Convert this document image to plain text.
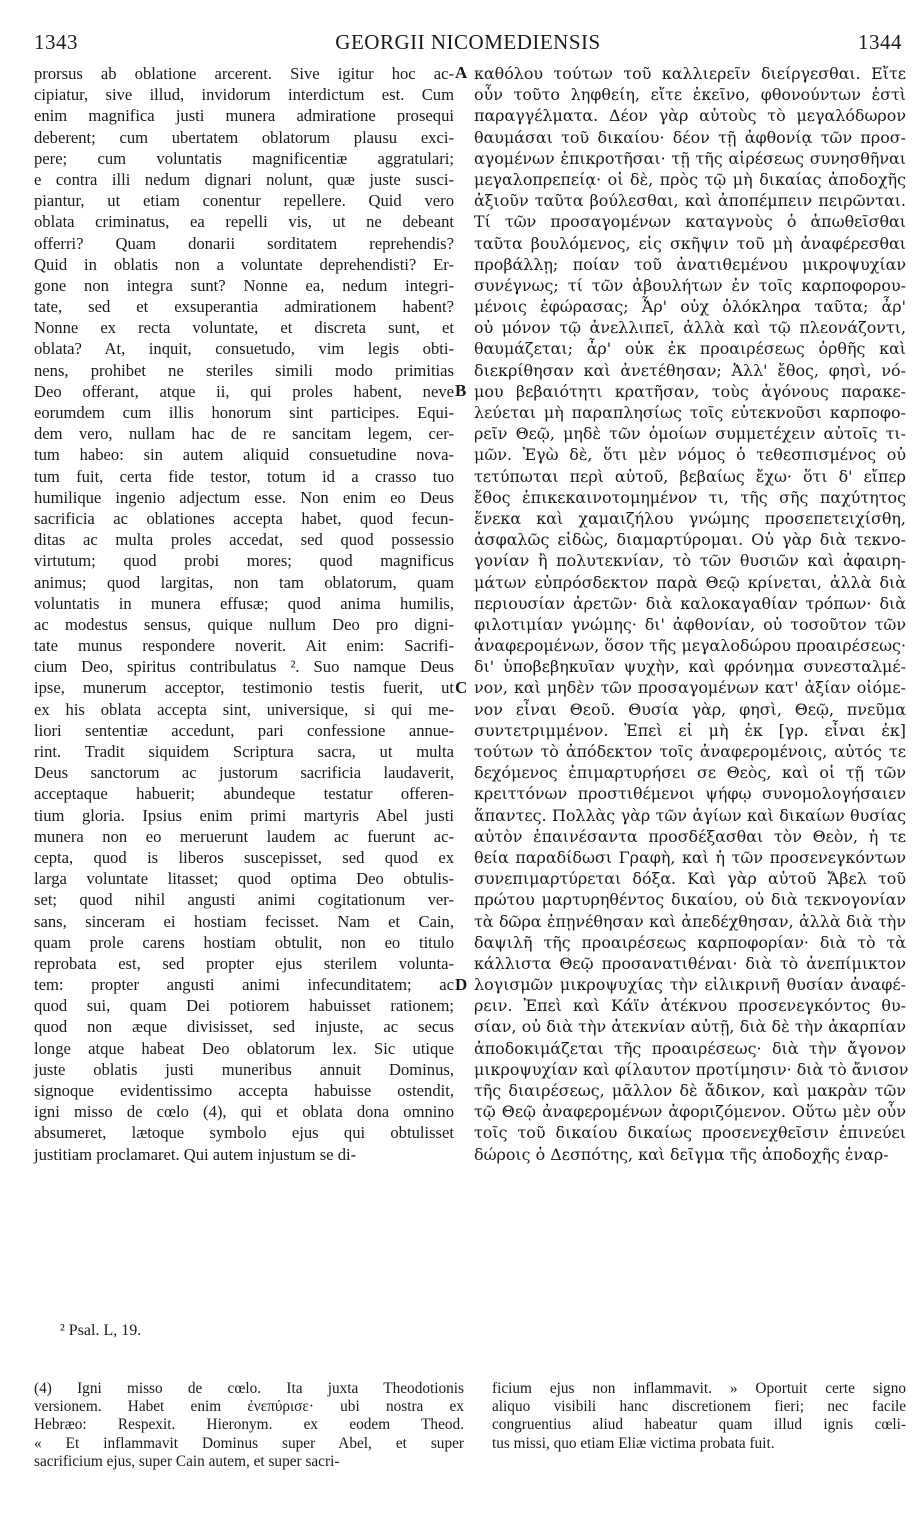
1343	GEORGII NICOMEDIENSIS	1344
prorsus ab oblatione arcerent. Sive igitur hoc ac-
cipiatur, sive illud, invidorum interdictum est. Cum
enim magnifica justi munera admiratione prosequi
deberent; cum ubertatem oblatorum plausu exci-
pere; cum voluntatis magnificentiæ aggratulari;
e contra illi nedum dignari nolunt, quæ juste susci-
piantur, ut etiam conentur repellere. Quid vero
oblata criminatus, ea repelli vis, ut ne debeant
offerri? Quam donarii sorditatem reprehendis?
Quid in oblatis non a voluntate deprehendisti? Er-
gone non integra sunt? Nonne ea, nedum integri-
tate, sed et exsuperantia admirationem habent?
Nonne ex recta voluntate, et discreta sunt, et
oblata? At, inquit, consuetudo, vim legis obti-
nens, prohibet ne steriles simili modo primitias
Deo offerant, atque ii, qui proles habent, neve
eorumdem cum illis honorum sint participes. Equi-
dem vero, nullam hac de re sancitam legem, cer-
tum habeo: sin autem aliquid consuetudine nova-
tum fuit, certa fide testor, totum id a crasso tuo
humilique ingenio adjectum esse. Non enim eo Deus
sacrificia ac oblationes accepta habet, quod fecun-
ditas ac multa proles accedat, sed quod possessio
virtutum; quod probi mores; quod magnificus
animus; quod largitas, non tam oblatorum, quam
voluntatis in munera effusæ; quod anima humilis,
ac modestus sensus, quique nullum Deo pro digni-
tate munus respondere noverit. Ait enim: Sacrifi-
cium Deo, spiritus contribulatus ². Suo namque Deus
ipse, munerum acceptor, testimonio testis fuerit, ut
ex his oblata accepta sint, universique, si qui me-
liori sententiæ accedunt, pari confessione annue-
rint. Tradit siquidem Scriptura sacra, ut multa
Deus sanctorum ac justorum sacrificia laudaverit,
acceptaque habuerit; abundeque testatur offeren-
tium gloria. Ipsius enim primi martyris Abel justi
munera non eo meruerunt laudem ac fuerunt ac-
cepta, quod is liberos suscepisset, sed quod ex
larga voluntate litasset; quod optima Deo obtulis-
set; quod nihil angusti animi cogitationum ver-
sans, sinceram ei hostiam fecisset. Nam et Cain,
quam prole carens hostiam obtulit, non eo titulo
reprobata est, sed propter ejus sterilem volunta-
tem: propter angusti animi infecunditatem; ac
quod sui, quam Dei potiorem habuisset rationem;
quod non æque divisisset, sed injuste, ac secus
longe atque habeat Deo oblatorum lex. Sic utique
juste oblatis justi muneribus annuit Dominus,
signoque evidentissimo accepta habuisse ostendit,
igni misso de cœlo (4), qui et oblata dona omnino
absumeret, lætoque symbolo ejus qui obtulisset
justitiam proclamaret. Qui autem injustum se di-
A
B
C
D
καθόλου τούτων τοῦ καλλιερεῖν διείργεσθαι. Εἴτε
οὖν τοῦτο ληφθείη, εἴτε ἐκεῖνο, φθονούντων ἐστὶ
παραγγέλματα. Δέον γὰρ αὐτοὺς τὸ μεγαλόδωρον
θαυμάσαι τοῦ δικαίου· δέον τῇ ἀφθονίᾳ τῶν προσ-
αγομένων ἐπικροτῆσαι· τῇ τῆς αἱρέσεως συνησθῆναι
μεγαλοπρεπείᾳ· οἱ δὲ, πρὸς τῷ μὴ δικαίας ἀποδοχῆς
ἀξιοῦν ταῦτα βούλεσθαι, καὶ ἀποπέμπειν πειρῶνται.
Τί τῶν προσαγομένων καταγνοὺς ὁ ἀπωθεῖσθαι
ταῦτα βουλόμενος, εἰς σκῆψιν τοῦ μὴ ἀναφέρεσθαι
προβάλλῃ; ποίαν τοῦ ἀνατιθεμένου μικροψυχίαν
συνέγνως; τί τῶν ἀβουλήτων ἐν τοῖς καρποφορου-
μένοις ἐφώρασας; Ἆρ' οὐχ ὁλόκληρα ταῦτα; ἆρ'
οὐ μόνον τῷ ἀνελλιπεῖ, ἀλλὰ καὶ τῷ πλεονάζοντι,
θαυμάζεται; ἆρ' οὐκ ἐκ προαιρέσεως ὀρθῆς καὶ
διεκρίθησαν καὶ ἀνετέθησαν; Ἀλλ' ἔθος, φησὶ, νό-
μου βεβαιότητι κρατῆσαν, τοὺς ἀγόνους παρακε-
λεύεται μὴ παραπλησίως τοῖς εὐτεκνοῦσι καρποφο-
ρεῖν Θεῷ, μηδὲ τῶν ὁμοίων συμμετέχειν αὐτοῖς τι-
μῶν. Ἐγὼ δὲ, ὅτι μὲν νόμος ὁ τεθεσπισμένος οὐ
τετύπωται περὶ αὐτοῦ, βεβαίως ἔχω· ὅτι δ' εἴπερ
ἔθος ἐπικεκαινοτομημένον τι, τῆς σῆς παχύτητος
ἕνεκα καὶ χαμαιζήλου γνώμης προσεπετειχίσθη,
ἀσφαλῶς εἰδὼς, διαμαρτύρομαι. Οὐ γὰρ διὰ τεκνο-
γονίαν ἢ πολυτεκνίαν, τὸ τῶν θυσιῶν καὶ ἀφαιρη-
μάτων εὐπρόσδεκτον παρὰ Θεῷ κρίνεται, ἀλλὰ διὰ
περιουσίαν ἀρετῶν· διὰ καλοκαγαθίαν τρόπων· διὰ
φιλοτιμίαν γνώμης· δι' ἀφθονίαν, οὐ τοσοῦτον τῶν
ἀναφερομένων, ὅσον τῆς μεγαλοδώρου προαιρέσεως·
δι' ὑποβεβηκυῖαν ψυχὴν, καὶ φρόνημα συνεσταλμέ-
νον, καὶ μηδὲν τῶν προσαγομένων κατ' ἀξίαν οἰόμε-
νον εἶναι Θεοῦ. Θυσία γὰρ, φησὶ, Θεῷ, πνεῦμα
συντετριμμένον. Ἐπεὶ εἰ μὴ ἐκ [γρ. εἶναι ἐκ]
τούτων τὸ ἀπόδεκτον τοῖς ἀναφερομένοις, αὐτός τε
δεχόμενος ἐπιμαρτυρήσει σε Θεὸς, καὶ οἱ τῇ τῶν
κρειττόνων προστιθέμενοι ψήφῳ συνομολογήσαιεν
ἅπαντες. Πολλὰς γὰρ τῶν ἁγίων καὶ δικαίων θυσίας
αὐτὸν ἐπαινέσαντα προσδέξασθαι τὸν Θεὸν, ἡ τε
θεία παραδίδωσι Γραφὴ, καὶ ἡ τῶν προσενεγκόντων
συνεπιμαρτύρεται δόξα. Καὶ γὰρ αὐτοῦ Ἄβελ τοῦ
πρώτου μαρτυρηθέντος δικαίου, οὐ διὰ τεκνογονίαν
τὰ δῶρα ἐπῃνέθησαν καὶ ἀπεδέχθησαν, ἀλλὰ διὰ τὴν
δαψιλῆ τῆς προαιρέσεως καρποφορίαν· διὰ τὸ τὰ
κάλλιστα Θεῷ προσανατιθέναι· διὰ τὸ ἀνεπίμικτον
λογισμῶν μικροψυχίας τὴν εἰλικρινῆ θυσίαν ἀναφέ-
ρειν. Ἐπεὶ καὶ Κάϊν ἀτέκνου προσενεγκόντος θυ-
σίαν, οὐ διὰ τὴν ἀτεκνίαν αὐτῇ, διὰ δὲ τὴν ἀκαρπίαν
ἀποδοκιμάζεται τῆς προαιρέσεως· διὰ τὴν ἄγονον
μικροψυχίαν καὶ φίλαυτον προτίμησιν· διὰ τὸ ἄνισον
τῆς διαιρέσεως, μᾶλλον δὲ ἄδικον, καὶ μακρὰν τῶν
τῷ Θεῷ ἀναφερομένων ἀφοριζόμενον. Οὕτω μὲν οὖν
τοῖς τοῦ δικαίου δικαίως προσενεχθεῖσιν ἐπινεύει
δώροις ὁ Δεσπότης, καὶ δεῖγμα τῆς ἀποδοχῆς ἐναρ-
² Psal. L, 19.
(4) Igni misso de cœlo. Ita juxta Theodotionis
versionem. Habet enim ἐνεπύρισε· ubi nostra ex
Hebræo: Respexit. Hieronym. ex eodem Theod.
« Et inflammavit Dominus super Abel, et super
sacrificium ejus, super Cain autem, et super sacri-
ficium ejus non inflammavit. » Oportuit certe signo
aliquo visibili hanc discretionem fieri; nec facile
congruentius aliud habeatur quam illud ignis cœli-
tus missi, quo etiam Eliæ victima probata fuit.
